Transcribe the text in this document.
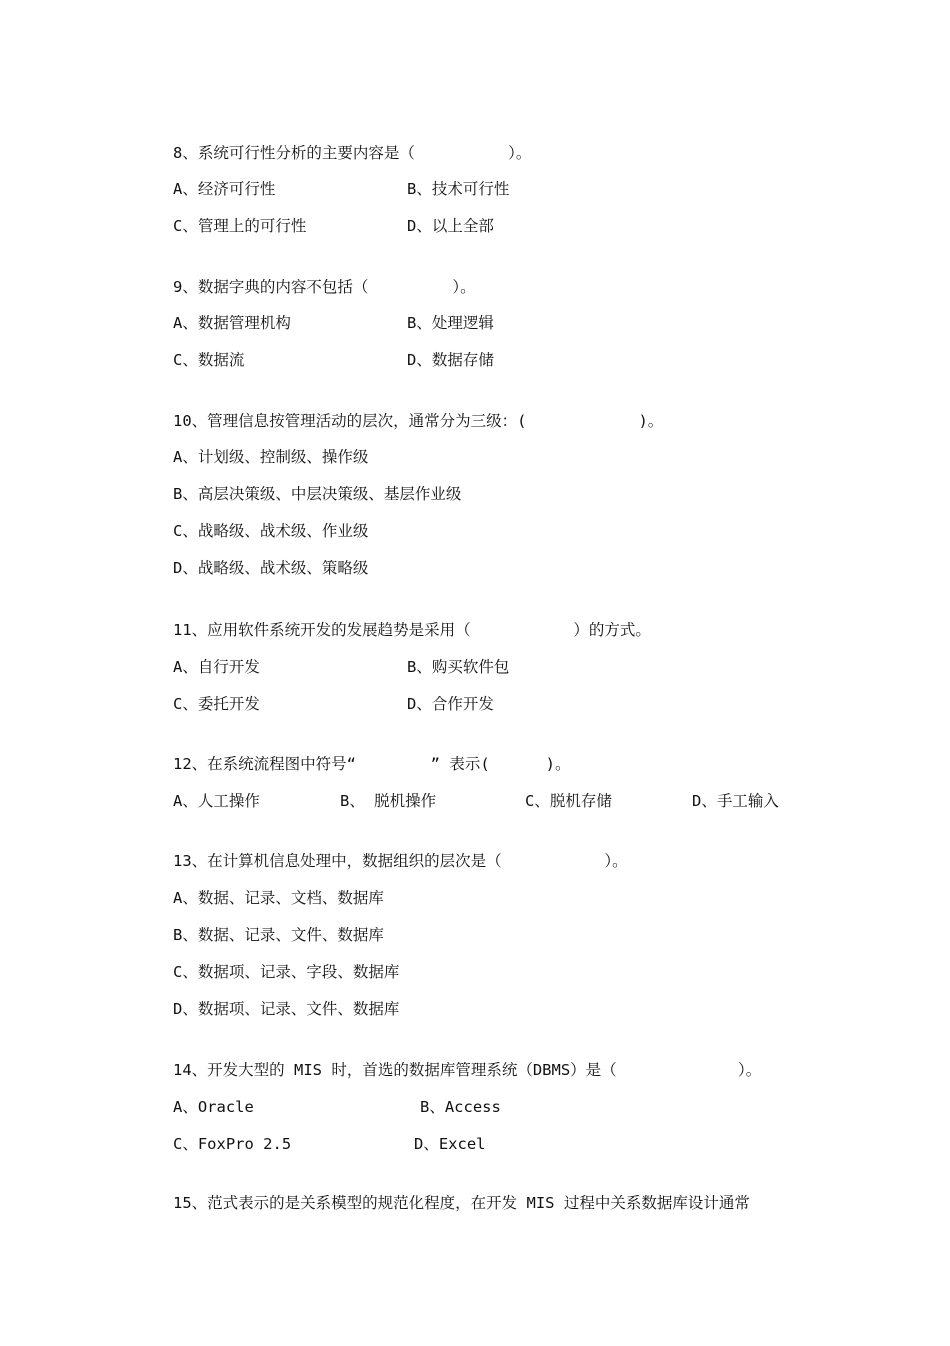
8、系统可行性分析的主要内容是（          ）。

A、经济可行性	B、技术可行性

C、管理上的可行性	D、以上全部

9、数据字典的内容不包括（         ）。

A、数据管理机构	B、处理逻辑

C、数据流	D、数据存储

10、管理信息按管理活动的层次，通常分为三级：(            )。

A、计划级、控制级、操作级

B、高层决策级、中层决策级、基层作业级

C、战略级、战术级、作业级

D、战略级、战术级、策略级

11、应用软件系统开发的发展趋势是采用（           ）的方式。

A、自行开发	B、购买软件包

C、委托开发	D、合作开发

12、在系统流程图中符号“        ” 表示(      )。

A、人工操作	B、 脱机操作	C、脱机存储	D、手工输入

13、在计算机信息处理中，数据组织的层次是（           ）。

A、数据、记录、文档、数据库

B、数据、记录、文件、数据库

C、数据项、记录、字段、数据库

D、数据项、记录、文件、数据库

14、开发大型的 MIS 时，首选的数据库管理系统（DBMS）是（             ）。

A、Oracle	B、Access

C、FoxPro 2.5	D、Excel

15、范式表示的是关系模型的规范化程度，在开发 MIS 过程中关系数据库设计通常
